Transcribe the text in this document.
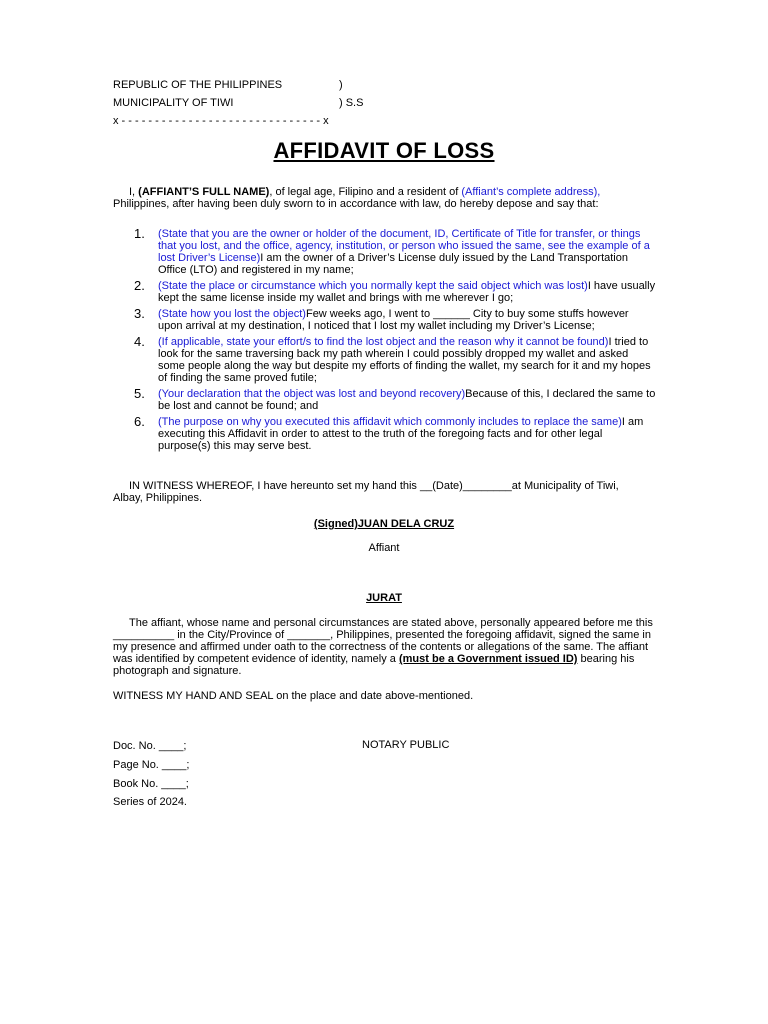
REPUBLIC OF THE PHILIPPINES	)
MUNICIPALITY OF TIWI	) S.S
x - - - - - - - - - - - - - - - - - - - - - - - - - - - - - - x
AFFIDAVIT OF LOSS
I, (AFFIANT’S FULL NAME), of legal age, Filipino and a resident of (Affiant’s complete address), Philippines, after having been duly sworn to in accordance with law, do hereby depose and say that:
1. (State that you are the owner or holder of the document, ID, Certificate of Title for transfer, or things that you lost, and the office, agency, institution, or person who issued the same, see the example of a lost Driver’s License)I am the owner of a Driver’s License duly issued by the Land Transportation Office (LTO) and registered in my name;
2. (State the place or circumstance which you normally kept the said object which was lost)I have usually kept the same license inside my wallet and brings with me wherever I go;
3. (State how you lost the object)Few weeks ago, I went to ______ City to buy some stuffs however upon arrival at my destination, I noticed that I lost my wallet including my Driver’s License;
4. (If applicable, state your effort/s to find the lost object and the reason why it cannot be found)I tried to look for the same traversing back my path wherein I could possibly dropped my wallet and asked some people along the way but despite my efforts of finding the wallet, my search for it and my hopes of finding the same proved futile;
5. (Your declaration that the object was lost and beyond recovery)Because of this, I declared the same to be lost and cannot be found; and
6. (The purpose on why you executed this affidavit which commonly includes to replace the same)I am executing this Affidavit in order to attest to the truth of the foregoing facts and for other legal purpose(s) this may serve best.
IN WITNESS WHEREOF, I have hereunto set my hand this __(Date)________at Municipality of Tiwi, Albay, Philippines.
(Signed)JUAN DELA CRUZ
Affiant
JURAT
The affiant, whose name and personal circumstances are stated above, personally appeared before me this __________ in the City/Province of _______, Philippines, presented the foregoing affidavit, signed the same in my presence and affirmed under oath to the correctness of the contents or allegations of the same. The affiant was identified by competent evidence of identity, namely a (must be a Government issued ID) bearing his photograph and signature.
WITNESS MY HAND AND SEAL on the place and date above-mentioned.
Doc. No. ____;	NOTARY PUBLIC
Page No. ____;
Book No. ____;
Series of 2024.
